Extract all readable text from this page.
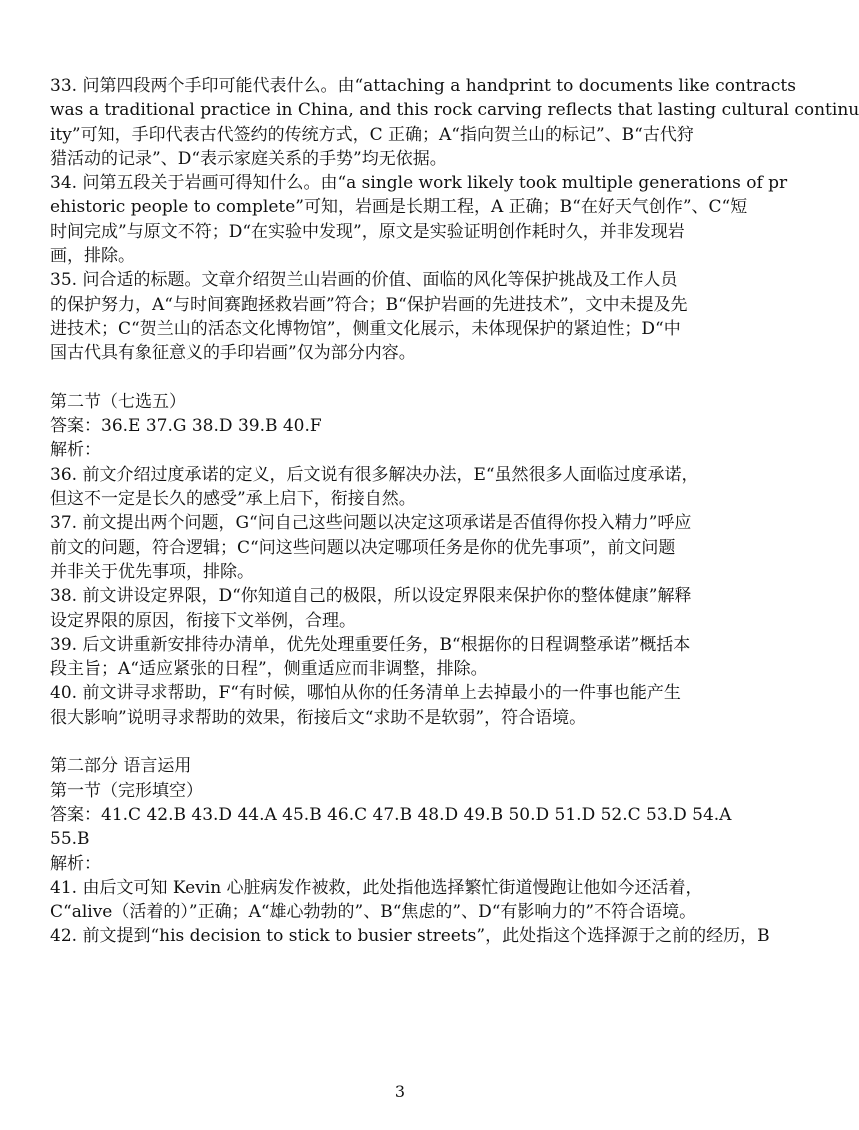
33. 问第四段两个手印可能代表什么。由“attaching a handprint to documents like contracts
was a traditional practice in China, and this rock carving reflects that lasting cultural continu
ity”可知，手印代表古代签约的传统方式，C 正确；A“指向贺兰山的标记”、B“古代狩
猎活动的记录”、D“表示家庭关系的手势”均无依据。
34. 问第五段关于岩画可得知什么。由“a single work likely took multiple generations of pr
ehistoric people to complete”可知，岩画是长期工程，A 正确；B“在好天气创作”、C“短
时间完成”与原文不符；D“在实验中发现”，原文是实验证明创作耗时久，并非发现岩
画，排除。
35. 问合适的标题。文章介绍贺兰山岩画的价值、面临的风化等保护挑战及工作人员
的保护努力，A“与时间赛跑拯救岩画”符合；B“保护岩画的先进技术”，文中未提及先
进技术；C“贺兰山的活态文化博物馆”，侧重文化展示，未体现保护的紧迫性；D“中
国古代具有象征意义的手印岩画”仅为部分内容。
第二节（七选五）
答案：36.E 37.G 38.D 39.B 40.F
解析：
36. 前文介绍过度承诺的定义，后文说有很多解决办法，E“虽然很多人面临过度承诺，
但这不一定是长久的感受”承上启下，衔接自然。
37. 前文提出两个问题，G“问自己这些问题以决定这项承诺是否值得你投入精力”呼应
前文的问题，符合逻辑；C“问这些问题以决定哪项任务是你的优先事项”，前文问题
并非关于优先事项，排除。
38. 前文讲设定界限，D“你知道自己的极限，所以设定界限来保护你的整体健康”解释
设定界限的原因，衔接下文举例，合理。
39. 后文讲重新安排待办清单，优先处理重要任务，B“根据你的日程调整承诺”概括本
段主旨；A“适应紧张的日程”，侧重适应而非调整，排除。
40. 前文讲寻求帮助，F“有时候，哪怕从你的任务清单上去掉最小的一件事也能产生
很大影响”说明寻求帮助的效果，衔接后文“求助不是软弱”，符合语境。
第二部分 语言运用
第一节（完形填空）
答案：41.C 42.B 43.D 44.A 45.B 46.C 47.B 48.D 49.B 50.D 51.D 52.C 53.D 54.A
55.B
解析：
41. 由后文可知 Kevin 心脏病发作被救，此处指他选择繁忙街道慢跑让他如今还活着，
C“alive（活着的）”正确；A“雄心勃勃的”、B“焦虑的”、D“有影响力的”不符合语境。
42. 前文提到“his decision to stick to busier streets”，此处指这个选择源于之前的经历，B
3
